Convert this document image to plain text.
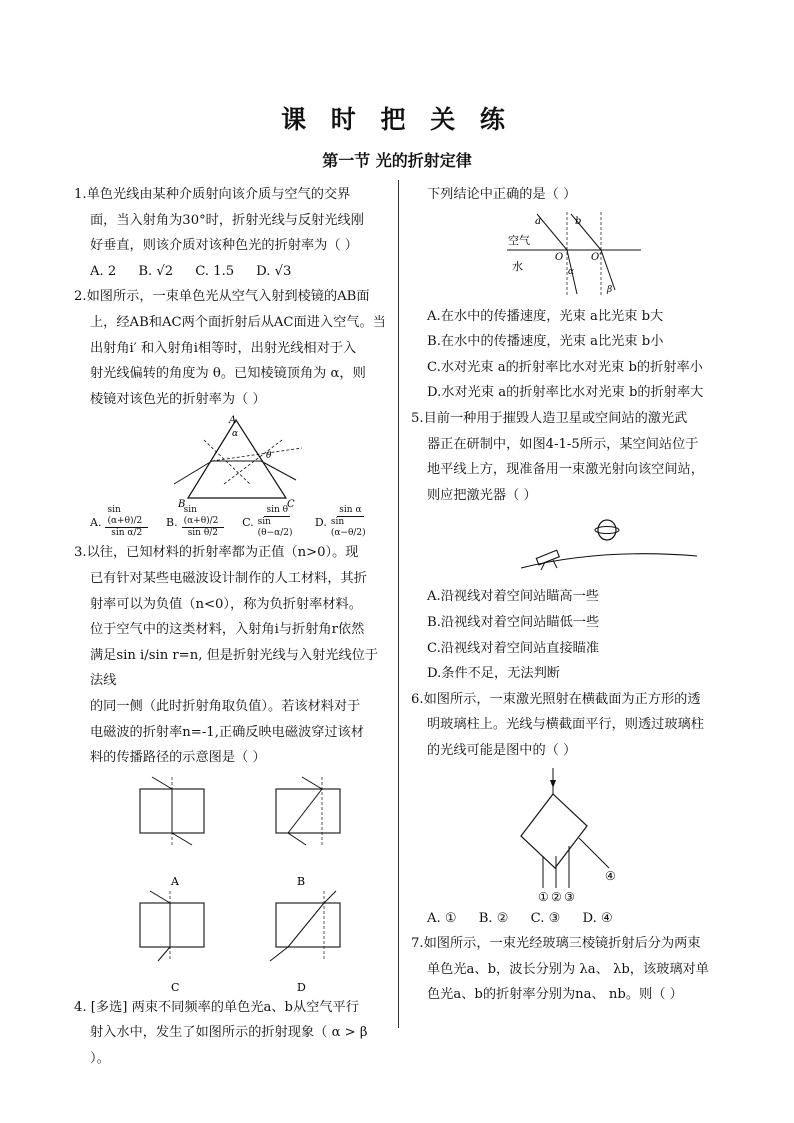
课 时 把 关 练
第一节 光的折射定律
1.单色光线由某种介质射向该介质与空气的交界
面，当入射角为30°时，折射光线与反射光线刚
好垂直，则该介质对该种色光的折射率为（ ）
A. 2 B. √2 C. 1.5 D. √3
2.如图所示，一束单色光从空气入射到棱镜的AB面
上，经AB和AC两个面折射后从AC面进入空气。当
出射角i′ 和入射角i相等时，出射光线相对于入
射光线偏转的角度为 θ。已知棱镜顶角为 α，则
棱镜对该色光的折射率为（ ）
A
B	C
α
θ
A.
sin (α+θ)/2
sin α/2
B.
sin (α+θ)/2
sin θ/2
C.
sin θ
sin (θ−α/2)
D.
sin α
sin (α−θ/2)
3.以往，已知材料的折射率都为正值（n>0）。现
已有针对某些电磁波设计制作的人工材料，其折
射率可以为负值（n<0），称为负折射率材料。
位于空气中的这类材料，入射角i与折射角r依然
满足sin i/sin r=n, 但是折射光线与入射光线位于法线
的同一侧（此时折射角取负值）。若该材料对于
电磁波的折射率n=-1,正确反映电磁波穿过该材
料的传播路径的示意图是（ ）
A	B
C	D
4. [多选] 两束不同频率的单色光a、b从空气平行
射入水中，发生了如图所示的折射现象（ α > β ）。
下列结论中正确的是（ ）
空气
水
a	b
O	O′
α
β
A.在水中的传播速度，光束 a比光束 b大
B.在水中的传播速度，光束 a比光束 b小
C.水对光束 a的折射率比水对光束 b的折射率小
D.水对光束 a的折射率比水对光束 b的折射率大
5.目前一种用于摧毁人造卫星或空间站的激光武
器正在研制中，如图4-1-5所示，某空间站位于
地平线上方，现准备用一束激光射向该空间站，
则应把激光器（ ）
A.沿视线对着空间站瞄高一些
B.沿视线对着空间站瞄低一些
C.沿视线对着空间站直接瞄准
D.条件不足，无法判断
6.如图所示，一束激光照射在横截面为正方形的透
明玻璃柱上。光线与横截面平行，则透过玻璃柱
的光线可能是图中的（ ）
① ② ③
④
A. ① B. ② C. ③ D. ④
7.如图所示，一束光经玻璃三棱镜折射后分为两束
单色光a、b，波长分别为 λa、 λb，该玻璃对单
色光a、b的折射率分别为na、 nb。则（ ）
